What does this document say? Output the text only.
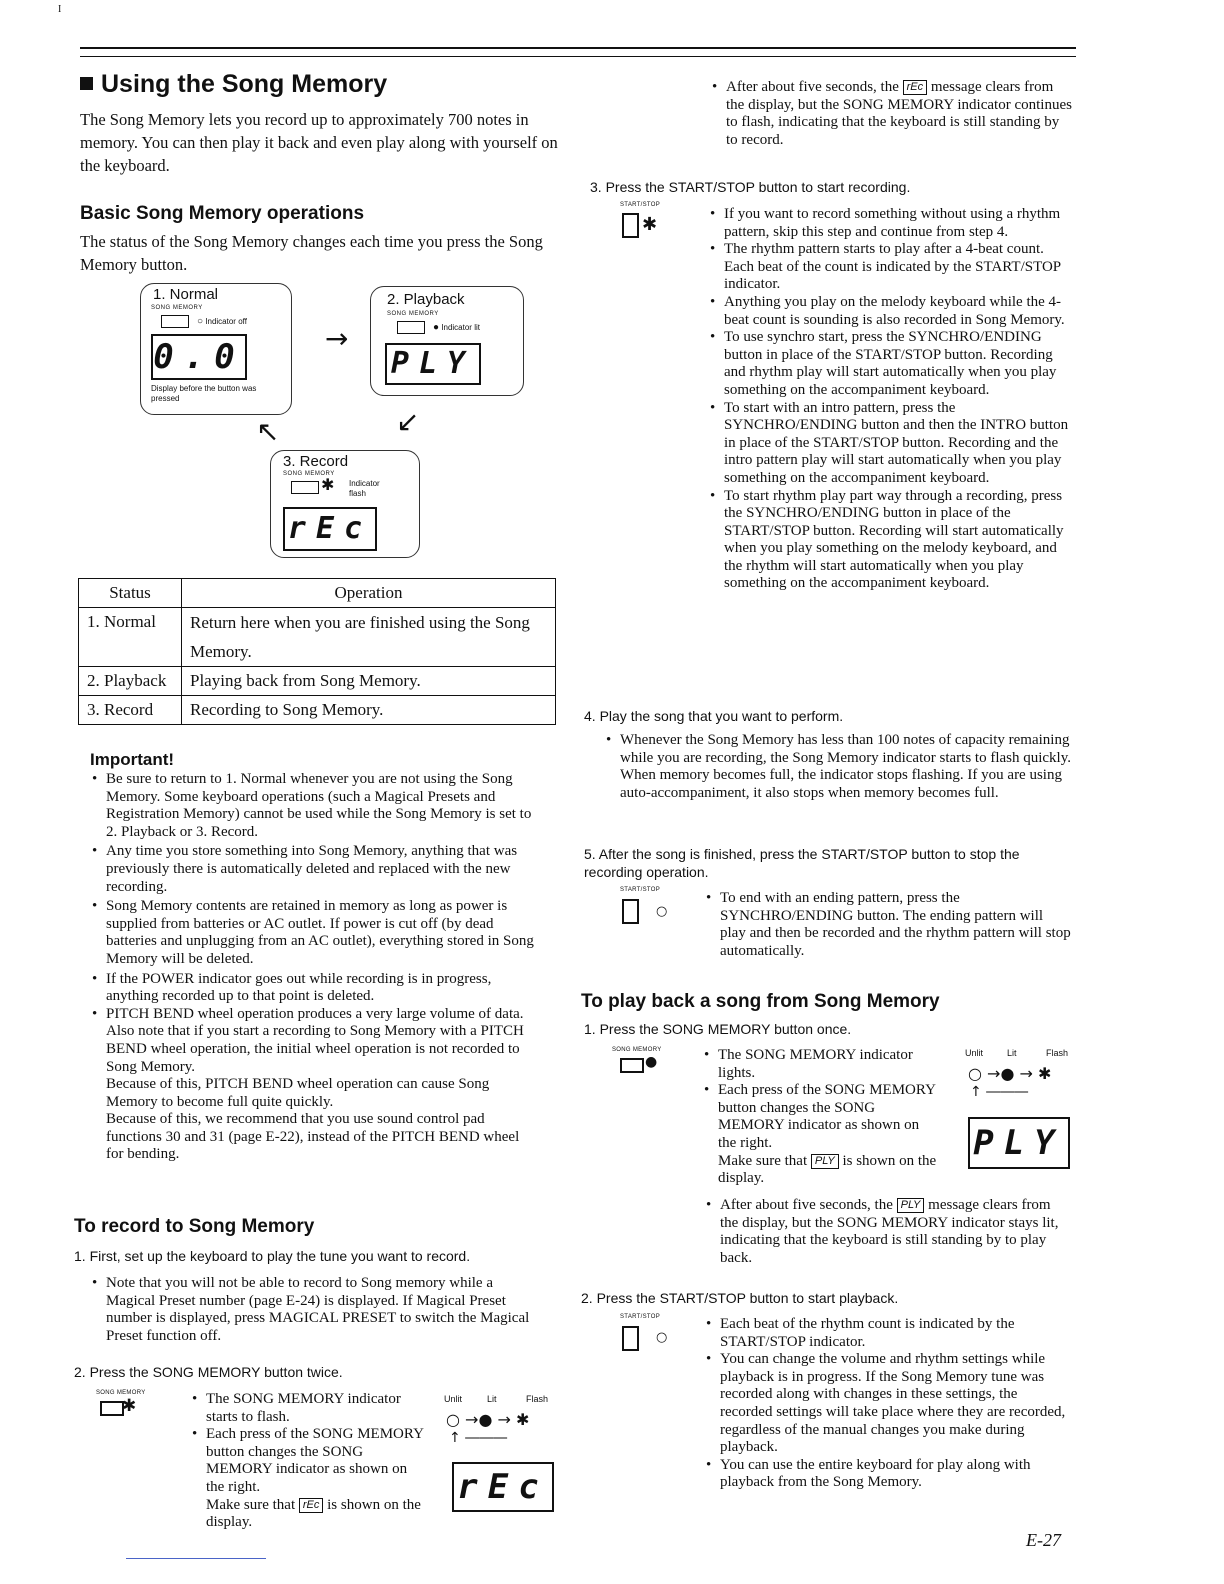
I
Using the Song Memory
The Song Memory lets you record up to approximately 700 notes in memory. You can then play it back and even play along with yourself on the keyboard.
Basic Song Memory operations
The status of the Song Memory changes each time you press the Song Memory button.
1. Normal
SONG MEMORY
○ Indicator off
0.0
Display before the button was pressed
→
2. Playback
SONG MEMORY
● Indicator lit
PLY
↖	↙
3. Record
SONG MEMORY
✱ Indicator flash
rEc
Status	Operation
1. Normal	Return here when you are finished using the Song Memory.
2. Playback	Playing back from Song Memory.
3. Record	Recording to Song Memory.
Important!
• Be sure to return to 1. Normal whenever you are not using the Song Memory. Some keyboard operations (such a Magical Presets and Registration Memory) cannot be used while the Song Memory is set to 2. Playback or 3. Record.
• Any time you store something into Song Memory, anything that was previously there is automatically deleted and replaced with the new recording.
• Song Memory contents are retained in memory as long as power is supplied from batteries or AC outlet. If power is cut off (by dead batteries and unplugging from an AC outlet), everything stored in Song Memory will be deleted.
• If the POWER indicator goes out while recording is in progress, anything recorded up to that point is deleted.
• PITCH BEND wheel operation produces a very large volume of data. Also note that if you start a recording to Song Memory with a PITCH BEND wheel operation, the initial wheel operation is not recorded to Song Memory.
Because of this, PITCH BEND wheel operation can cause Song Memory to become full quite quickly.
Because of this, we recommend that you use sound control pad functions 30 and 31 (page E-22), instead of the PITCH BEND wheel for bending.
To record to Song Memory
1. First, set up the keyboard to play the tune you want to record.
• Note that you will not be able to record to Song memory while a Magical Preset number (page E-24) is displayed. If Magical Preset number is displayed, press MAGICAL PRESET to switch the Magical Preset function off.
2. Press the SONG MEMORY button twice.
SONG MEMORY
✱	• The SONG MEMORY indicator starts to flash.
• Each press of the SONG MEMORY button changes the SONG MEMORY indicator as shown on the right.
Make sure that rEc is shown on the display.
Unlit	Lit	Flash
○ →● → ✱
↑ ―――
rEc
• After about five seconds, the rEc message clears from the display, but the SONG MEMORY indicator continues to flash, indicating that the keyboard is still standing by to record.
3. Press the START/STOP button to start recording.
START/STOP
✱	• If you want to record something without using a rhythm pattern, skip this step and continue from step 4.
• The rhythm pattern starts to play after a 4-beat count. Each beat of the count is indicated by the START/STOP indicator.
• Anything you play on the melody keyboard while the 4-beat count is sounding is also recorded in Song Memory.
• To use synchro start, press the SYNCHRO/ENDING button in place of the START/STOP button. Recording and rhythm play will start automatically when you play something on the accompaniment keyboard.
• To start with an intro pattern, press the SYNCHRO/ENDING button and then the INTRO button in place of the START/STOP button. Recording and the intro pattern play will start automatically when you play something on the accompaniment keyboard.
• To start rhythm play part way through a recording, press the SYNCHRO/ENDING button in place of the START/STOP button. Recording will start automatically when you play something on the melody keyboard, and the rhythm will start automatically when you play something on the accompaniment keyboard.
4. Play the song that you want to perform.
• Whenever the Song Memory has less than 100 notes of capacity remaining while you are recording, the Song Memory indicator starts to flash quickly. When memory becomes full, the indicator stops flashing. If you are using auto-accompaniment, it also stops when memory becomes full.
5. After the song is finished, press the START/STOP button to stop the recording operation.
START/STOP
○
• To end with an ending pattern, press the SYNCHRO/ENDING button. The ending pattern will play and then be recorded and the rhythm pattern will stop automatically.
To play back a song from Song Memory
1. Press the SONG MEMORY button once.
SONG MEMORY
●	• The SONG MEMORY indicator lights.
• Each press of the SONG MEMORY button changes the SONG MEMORY indicator as shown on the right.
Make sure that PLY is shown on the display.
Unlit	Lit	Flash
○ →● → ✱
↑ ―――
PLY
• After about five seconds, the PLY message clears from the display, but the SONG MEMORY indicator stays lit, indicating that the keyboard is still standing by to play back.
2. Press the START/STOP button to start playback.
START/STOP
○
• Each beat of the rhythm count is indicated by the START/STOP indicator.
• You can change the volume and rhythm settings while playback is in progress. If the Song Memory tune was recorded along with changes in these settings, the recorded settings will take place where they are recorded, regardless of the manual changes you make during playback.
• You can use the entire keyboard for play along with playback from the Song Memory.
E-27
